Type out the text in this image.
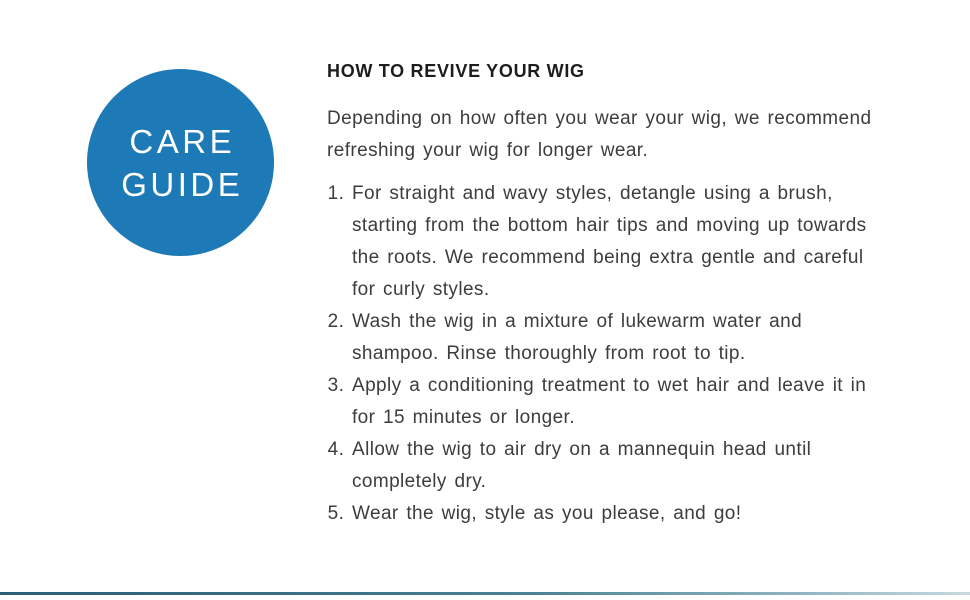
CARE
GUIDE
HOW TO REVIVE YOUR WIG

Depending on how often you wear your wig, we recommend refreshing your wig for longer wear.

1. For straight and wavy styles, detangle using a brush, starting from the bottom hair tips and moving up towards the roots. We recommend being extra gentle and careful for curly styles.
2. Wash the wig in a mixture of lukewarm water and shampoo. Rinse thoroughly from root to tip.
3. Apply a conditioning treatment to wet hair and leave it in for 15 minutes or longer.
4. Allow the wig to air dry on a mannequin head until completely dry.
5. Wear the wig, style as you please, and go!
